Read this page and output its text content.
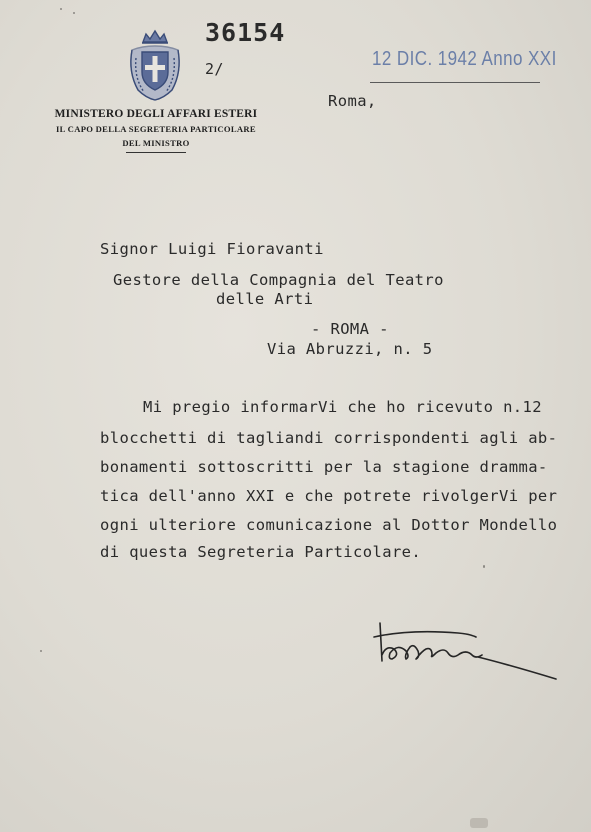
36154
2/	12 DIC. 1942 Anno XXI
Roma,
MINISTERO DEGLI AFFARI ESTERI
IL CAPO DELLA SEGRETERIA PARTICOLARE
DEL MINISTRO
Signor Luigi Fioravanti
Gestore della Compagnia del Teatro
delle Arti
- ROMA -
Via Abruzzi, n. 5
Mi pregio informarVi che ho ricevuto n.12
blocchetti di tagliandi corrispondenti agli ab-
bonamenti sottoscritti per la stagione dramma-
tica dell'anno XXI e che potrete rivolgerVi per
ogni ulteriore comunicazione al Dottor Mondello
di questa Segreteria Particolare.
